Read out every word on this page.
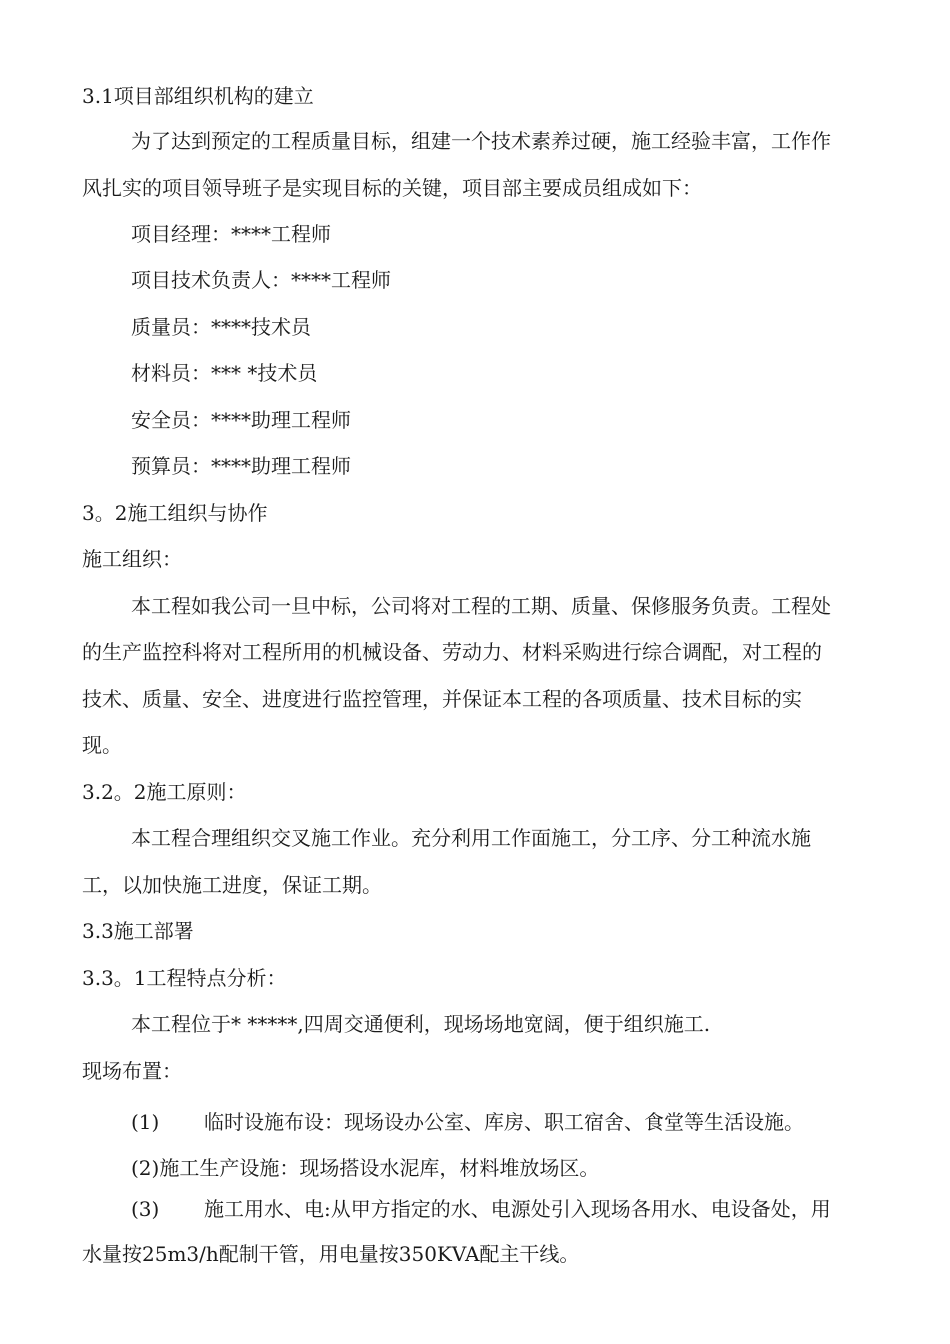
3.1项目部组织机构的建立
为了达到预定的工程质量目标，组建一个技术素养过硬，施工经验丰富，工作作
风扎实的项目领导班子是实现目标的关键，项目部主要成员组成如下：
项目经理：****工程师
项目技术负责人：****工程师
质量员：****技术员
材料员：*** *技术员
安全员：****助理工程师
预算员：****助理工程师
3。2施工组织与协作
施工组织：
本工程如我公司一旦中标，公司将对工程的工期、质量、保修服务负责。工程处
的生产监控科将对工程所用的机械设备、劳动力、材料采购进行综合调配，对工程的
技术、质量、安全、进度进行监控管理，并保证本工程的各项质量、技术目标的实
现。
3.2。2施工原则：
本工程合理组织交叉施工作业。充分利用工作面施工，分工序、分工种流水施
工，以加快施工进度，保证工期。
3.3施工部署
3.3。1工程特点分析：
本工程位于* *****,四周交通便利，现场场地宽阔，便于组织施工.
现场布置：
(1) 临时设施布设：现场设办公室、库房、职工宿舍、食堂等生活设施。
(2)施工生产设施：现场搭设水泥库，材料堆放场区。
(3) 施工用水、电:从甲方指定的水、电源处引入现场各用水、电设备处，用
水量按25m3/h配制干管，用电量按350KVA配主干线。
